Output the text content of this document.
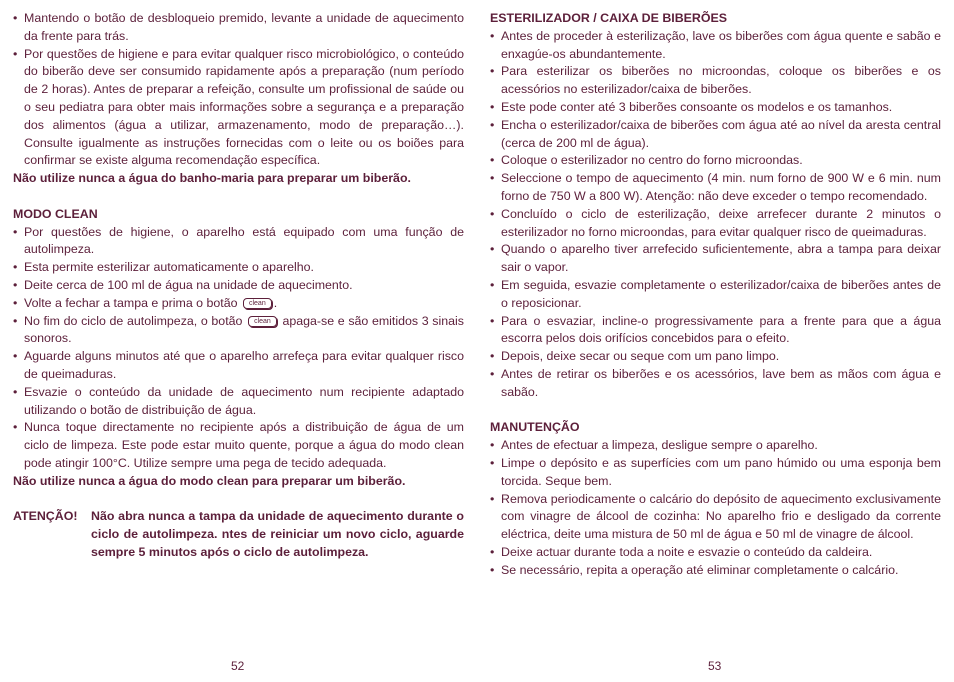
• Mantendo o botão de desbloqueio premido, levante a unidade de aquecimento da frente para trás.
• Por questões de higiene e para evitar qualquer risco microbiológico, o conteúdo do biberão deve ser consumido rapidamente após a preparação (num período de 2 horas). Antes de preparar a refeição, consulte um profissional de saúde ou o seu pediatra para obter mais informações sobre a segurança e a preparação dos alimentos (água a utilizar, armazenamento, modo de preparação…). Consulte igualmente as instruções fornecidas com o leite ou os boiões para confirmar se existe alguma recomendação específica.
Não utilize nunca a água do banho-maria para preparar um biberão.
MODO CLEAN
• Por questões de higiene, o aparelho está equipado com uma função de autolimpeza.
• Esta permite esterilizar automaticamente o aparelho.
• Deite cerca de 100 ml de água na unidade de aquecimento.
• Volte a fechar a tampa e prima o botão clean .
• No fim do ciclo de autolimpeza, o botão clean apaga-se e são emitidos 3 sinais sonoros.
• Aguarde alguns minutos até que o aparelho arrefeça para evitar qualquer risco de queimaduras.
• Esvazie o conteúdo da unidade de aquecimento num recipiente adaptado utilizando o botão de distribuição de água.
• Nunca toque directamente no recipiente após a distribuição de água de um ciclo de limpeza. Este pode estar muito quente, porque a água do modo clean pode atingir 100°C. Utilize sempre uma pega de tecido adequada.
Não utilize nunca a água do modo clean para preparar um biberão.
ATENÇÃO!	Não abra nunca a tampa da unidade de aquecimento durante o ciclo de autolimpeza. ntes de reiniciar um novo ciclo, aguarde sempre 5 minutos após o ciclo de autolimpeza.
ESTERILIZADOR / CAIXA DE BIBERÕES
• Antes de proceder à esterilização, lave os biberões com água quente e sabão e enxagúe-os abundantemente.
• Para esterilizar os biberões no microondas, coloque os biberões e os acessórios no esterilizador/caixa de biberões.
• Este pode conter até 3 biberões consoante os modelos e os tamanhos.
• Encha o esterilizador/caixa de biberões com água até ao nível da aresta central (cerca de 200 ml de água).
• Coloque o esterilizador no centro do forno microondas.
• Seleccione o tempo de aquecimento (4 min. num forno de 900 W e 6 min. num forno de 750 W a 800 W). Atenção: não deve exceder o tempo recomendado.
• Concluído o ciclo de esterilização, deixe arrefecer durante 2 minutos o esterilizador no forno microondas, para evitar qualquer risco de queimaduras.
• Quando o aparelho tiver arrefecido suficientemente, abra a tampa para deixar sair o vapor.
• Em seguida, esvazie completamente o esterilizador/caixa de biberões antes de o reposicionar.
• Para o esvaziar, incline-o progressivamente para a frente para que a água escorra pelos dois orifícios concebidos para o efeito.
• Depois, deixe secar ou seque com um pano limpo.
• Antes de retirar os biberões e os acessórios, lave bem as mãos com água e sabão.
MANUTENÇÃO
• Antes de efectuar a limpeza, desligue sempre o aparelho.
• Limpe o depósito e as superfícies com um pano húmido ou uma esponja bem torcida. Seque bem.
• Remova periodicamente o calcário do depósito de aquecimento exclusivamente com vinagre de álcool de cozinha: No aparelho frio e desligado da corrente eléctrica, deite uma mistura de 50 ml de água e 50 ml de vinagre de álcool.
• Deixe actuar durante toda a noite e esvazie o conteúdo da caldeira.
• Se necessário, repita a operação até eliminar completamente o calcário.
52	53
